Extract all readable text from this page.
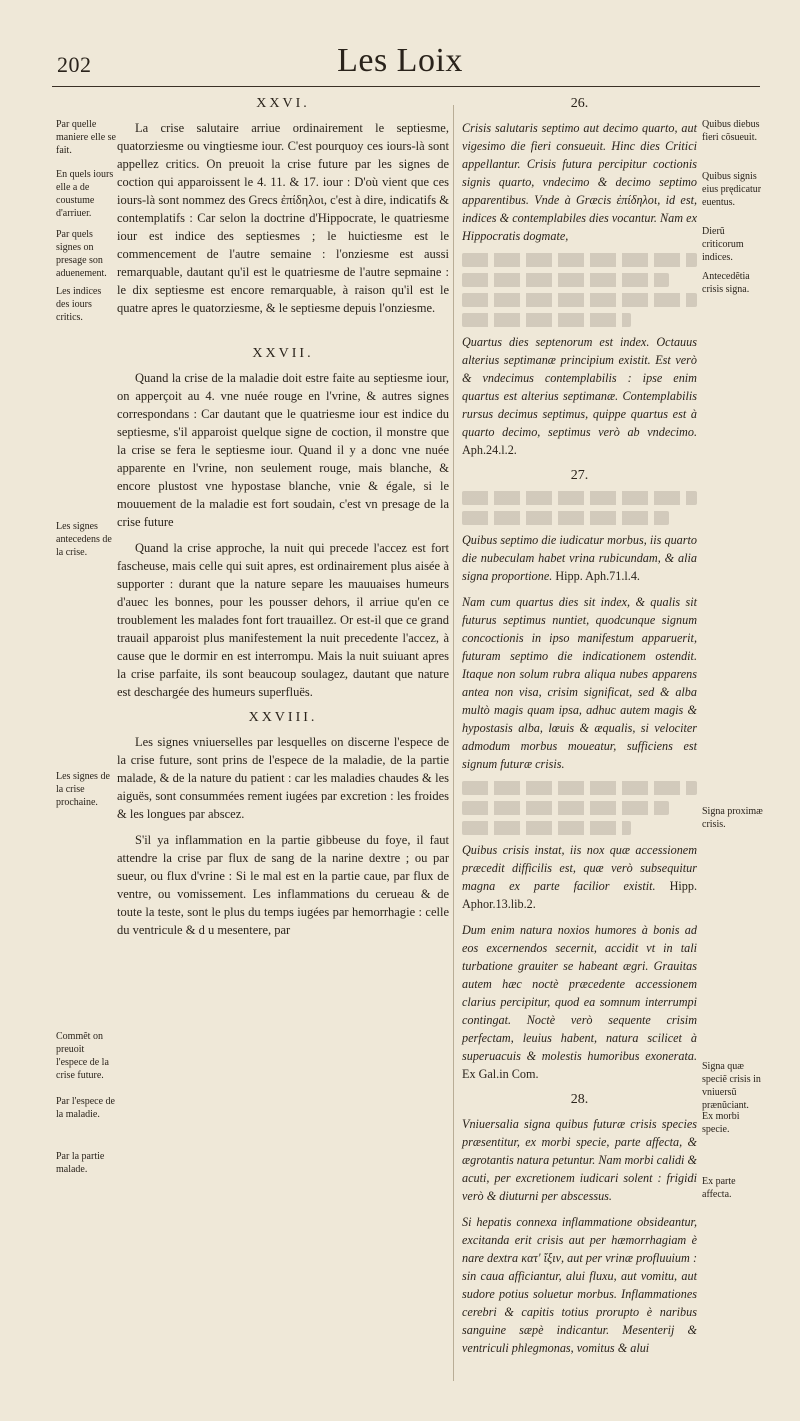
202	Les Loix
XXVI.

La crise salutaire arriue ordinairement le septiesme, quatorziesme ou vingtiesme iour. C'est pourquoy ces iours-là sont appellez critics. On preuoit la crise future par les signes de coction qui apparoissent le 4. 11. & 17. iour : D'où vient que ces iours-là sont nommez des Grecs ἐπίδηλοι, c'est à dire, indicatifs & contemplatifs : Car selon la doctrine d'Hippocrate, le quatriesme iour est indice des septiesmes ; le huictiesme est le commencement de l'autre semaine : l'onziesme est aussi remarquable, dautant qu'il est le quatriesme de l'autre sepmaine : le dix septiesme est encore remarquable, à raison qu'il est le quatre apres le quatorziesme, & le septiesme depuis l'onziesme.

XXVII.

Quand la crise de la maladie doit estre faite au septiesme iour, on apperçoit au 4. vne nuée rouge en l'vrine, & autres signes correspondans : Car dautant que le quatriesme iour est indice du septiesme, s'il apparoist quelque signe de coction, il monstre que la crise se fera le septiesme iour. Quand il y a donc vne nuée apparente en l'vrine, non seulement rouge, mais blanche, & encore plustost vne hypostase blanche, vnie & égale, si le mouuement de la maladie est fort soudain, c'est vn presage de la crise future

Quand la crise approche, la nuit qui precede l'accez est fort fascheuse, mais celle qui suit apres, est ordinairement plus aisée à supporter : durant que la nature separe les mauuaises humeurs d'auec les bonnes, pour les pousser dehors, il arriue qu'en ce troublement les malades font fort trauaillez. Or est-il que ce grand trauail apparoist plus manifestement la nuit precedente l'accez, à cause que le dormir en est interrompu. Mais la nuit suiuant apres la crise parfaite, ils sont beaucoup soulagez, dautant que nature est deschargée des humeurs superfluës.

XXVIII.

Les signes vniuerselles par lesquelles on discerne l'espece de la crise future, sont prins de l'espece de la maladie, de la partie malade, & de la nature du patient : car les maladies chaudes & les aiguës, sont consummées rement iugées par excretion : les froides & les longues par abscez.

S'il ya inflammation en la partie gibbeuse du foye, il faut attendre la crise par flux de sang de la narine dextre ; ou par sueur, ou flux d'vrine : Si le mal est en la partie caue, par flux de ventre, ou vomissement. Les inflammations du cerueau & de toute la teste, sont le plus du temps iugées par hemorrhagie : celle du ventricule & d u mesentere, par

26.

Crisis salutaris septimo aut decimo quarto, aut vigesimo die fieri consueuit. Hinc dies Critici appellantur. Crisis futura percipitur coctionis signis quarto, vndecimo & decimo septimo apparentibus. Vnde à Græcis ἐπίδηλοι, id est, indices & contemplabiles dies vocantur. Nam ex Hippocratis dogmate,

Quartus dies septenorum est index. Octauus alterius septimanæ principium existit. Est verò & vndecimus contemplabilis : ipse enim quartus est alterius septimanæ. Contemplabilis rursus decimus septimus, quippe quartus est à quarto decimo, septimus verò ab vndecimo. Aph.24.l.2.

27.

Quibus septimo die iudicatur morbus, iis quarto die nubeculam habet vrina rubicundam, & alia signa proportione. Hipp. Aph.71.l.4.

Nam cum quartus dies sit index, & qualis sit futurus septimus nuntiet, quodcunque signum concoctionis in ipso manifestum apparuerit, futuram septimo die indicationem ostendit. Itaque non solum rubra aliqua nubes apparens antea non visa, crisim significat, sed & alba multò magis quam ipsa, adhuc autem magis & hypostasis alba, lœuis & æqualis, si velociter admodum morbus moueatur, sufficiens est signum futuræ crisis.

Quibus crisis instat, iis nox quæ accessionem præcedit difficilis est, quæ verò subsequitur magna ex parte facilior existit. Hipp. Aphor.13.lib.2.

Dum enim natura noxios humores à bonis ad eos excernendos secernit, accidit vt in tali turbatione grauiter se habeant ægri. Grauitas autem hæc noctè præcedente accessionem clarius percipitur, quod ea somnum interrumpi contingat. Noctè verò sequente crisim perfectam, leuius habent, natura scilicet à superuacuis & molestis humoribus exonerata. Ex Gal.in Com.

28.

Vniuersalia signa quibus futuræ crisis species præsentitur, ex morbi specie, parte affecta, & ægrotantis natura petuntur. Nam morbi calidi & acuti, per excretionem iudicari solent : frigidi verò & diuturni per abscessus.

Si hepatis connexa inflammatione obsideantur, excitanda erit crisis aut per hæmorrhagiam è nare dextra κατ' ἴξιν, aut per vrinæ profluuium : sin caua afficiantur, alui fluxu, aut vomitu, aut sudore potius soluetur morbus. Inflammationes cerebri & capitis totius prorupto è naribus sanguine sæpè indicantur. Mesenterij & ventriculi phlegmonas, vomitus & alui

Par quelle maniere elle se fait.
En quels iours elle a de coustume d'arriuer.
Par quels signes on presage son aduenement.
Les indices des iours critics.
Les signes antecedens de la crise.
Les signes de la crise prochaine.
Commẽt on preuoit l'espece de la crise future.
Par l'espece de la maladie.
Par la partie malade.
Quibus diebus fieri cõsueuit.
Quibus signis eius prędicatur euentus.
Dierũ criticorum indices.
Antecedẽtia crisis signa.
Signa proximæ crisis.
Signa quæ speciẽ crisis in vniuersũ prænũciant.
Ex morbi specie.
Ex parte affecta.
